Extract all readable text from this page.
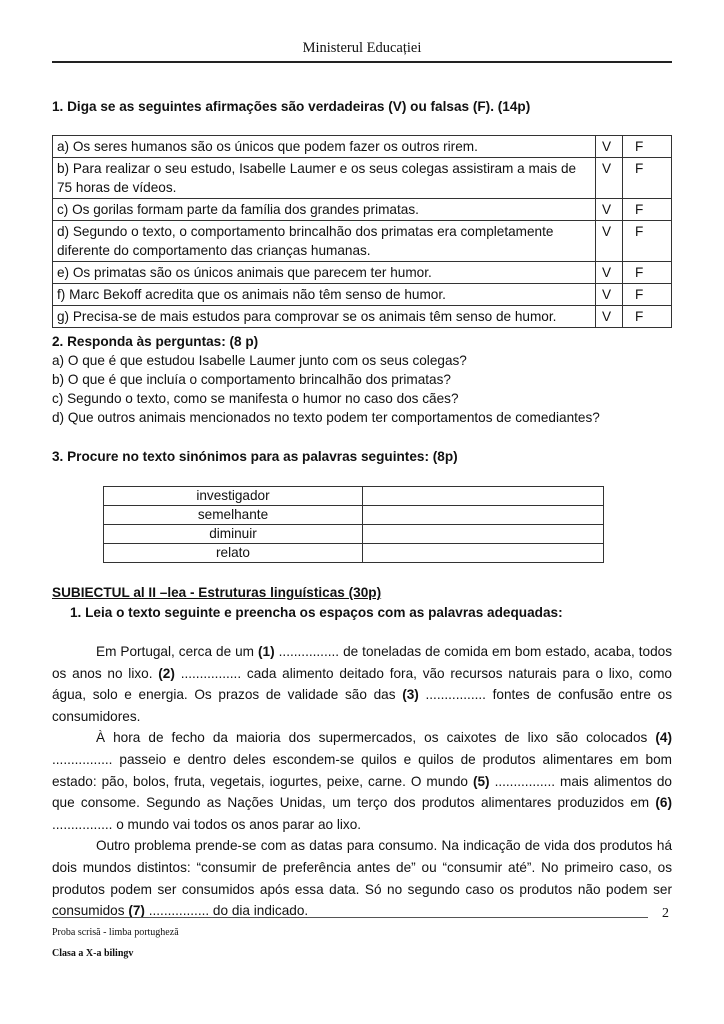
Ministerul Educației
1. Diga se as seguintes afirmações são verdadeiras (V) ou falsas (F). (14p)
a) Os seres humanos são os únicos que podem fazer os outros rirem.	V	F
b) Para realizar o seu estudo, Isabelle Laumer e os seus colegas assistiram a mais de 75 horas de vídeos.	V	F
c) Os gorilas formam parte da família dos grandes primatas.	V	F
d) Segundo o texto, o comportamento brincalhão dos primatas era completamente diferente do comportamento das crianças humanas.	V	F
e) Os primatas são os únicos animais que parecem ter humor.	V	F
f) Marc Bekoff acredita que os animais não têm senso de humor.	V	F
g) Precisa-se de mais estudos para comprovar se os animais têm senso de humor.	V	F
2. Responda às perguntas: (8 p)
a) O que é que estudou Isabelle Laumer junto com os seus colegas?
b) O que é que incluía o comportamento brincalhão dos primatas?
c) Segundo o texto, como se manifesta o humor no caso dos cães?
d) Que outros animais mencionados no texto podem ter comportamentos de comediantes?
3. Procure no texto sinónimos para as palavras seguintes: (8p)
investigador	
semelhante	
diminuir	
relato	
SUBIECTUL al II –lea - Estruturas linguísticas (30p)
1. Leia o texto seguinte e preencha os espaços com as palavras adequadas:

Em Portugal, cerca de um (1) ................ de toneladas de comida em bom estado, acaba, todos os anos no lixo. (2) ................ cada alimento deitado fora, vão recursos naturais para o lixo, como água, solo e energia. Os prazos de validade são das (3) ................ fontes de confusão entre os consumidores.

À hora de fecho da maioria dos supermercados, os caixotes de lixo são colocados (4) ................ passeio e dentro deles escondem-se quilos e quilos de produtos alimentares em bom estado: pão, bolos, fruta, vegetais, iogurtes, peixe, carne. O mundo (5) ................ mais alimentos do que consome. Segundo as Nações Unidas, um terço dos produtos alimentares produzidos em (6) ................ o mundo vai todos os anos parar ao lixo.

Outro problema prende-se com as datas para consumo. Na indicação de vida dos produtos há dois mundos distintos: “consumir de preferência antes de” ou “consumir até”. No primeiro caso, os produtos podem ser consumidos após essa data. Só no segundo caso os produtos não podem ser consumidos (7) ................ do dia indicado.	2
Proba scrisă - limba portugheză
Clasa a X-a bilingv
